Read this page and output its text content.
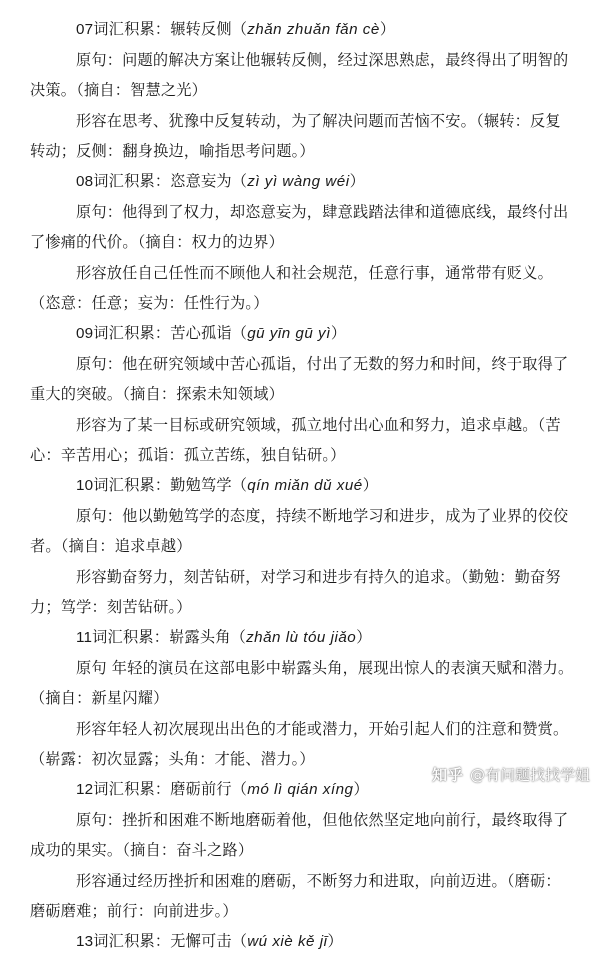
07词汇积累：辗转反侧（zhǎn zhuǎn fǎn cè）

原句：问题的解决方案让他辗转反侧，经过深思熟虑，最终得出了明智的决策。（摘自：智慧之光）

形容在思考、犹豫中反复转动，为了解决问题而苦恼不安。（辗转：反复转动；反侧：翻身换边，喻指思考问题。）

08词汇积累：恣意妄为（zì yì wàng wéi）

原句：他得到了权力，却恣意妄为，肆意践踏法律和道德底线，最终付出了惨痛的代价。（摘自：权力的边界）

形容放任自己任性而不顾他人和社会规范，任意行事，通常带有贬义。（恣意：任意；妄为：任性行为。）

09词汇积累：苦心孤诣（gū yīn gū yì）

原句：他在研究领域中苦心孤诣，付出了无数的努力和时间，终于取得了重大的突破。（摘自：探索未知领域）

形容为了某一目标或研究领域，孤立地付出心血和努力，追求卓越。（苦心：辛苦用心；孤诣：孤立苦练，独自钻研。）

10词汇积累：勤勉笃学（qín miǎn dǔ xué）

原句：他以勤勉笃学的态度，持续不断地学习和进步，成为了业界的佼佼者。（摘自：追求卓越）

形容勤奋努力，刻苦钻研，对学习和进步有持久的追求。（勤勉：勤奋努力；笃学：刻苦钻研。）

11词汇积累：崭露头角（zhǎn lù tóu jiǎo）

原句 年轻的演员在这部电影中崭露头角，展现出惊人的表演天赋和潜力。（摘自：新星闪耀）

形容年轻人初次展现出出色的才能或潜力，开始引起人们的注意和赞赏。（崭露：初次显露；头角：才能、潜力。）

12词汇积累：磨砺前行（mó lì qián xíng）

原句：挫折和困难不断地磨砺着他，但他依然坚定地向前行，最终取得了成功的果实。（摘自：奋斗之路）

形容通过经历挫折和困难的磨砺，不断努力和进取，向前迈进。（磨砺：磨砺磨难；前行：向前进步。）

13词汇积累：无懈可击（wú xiè kě jī）

知乎 @有问题找找学姐
